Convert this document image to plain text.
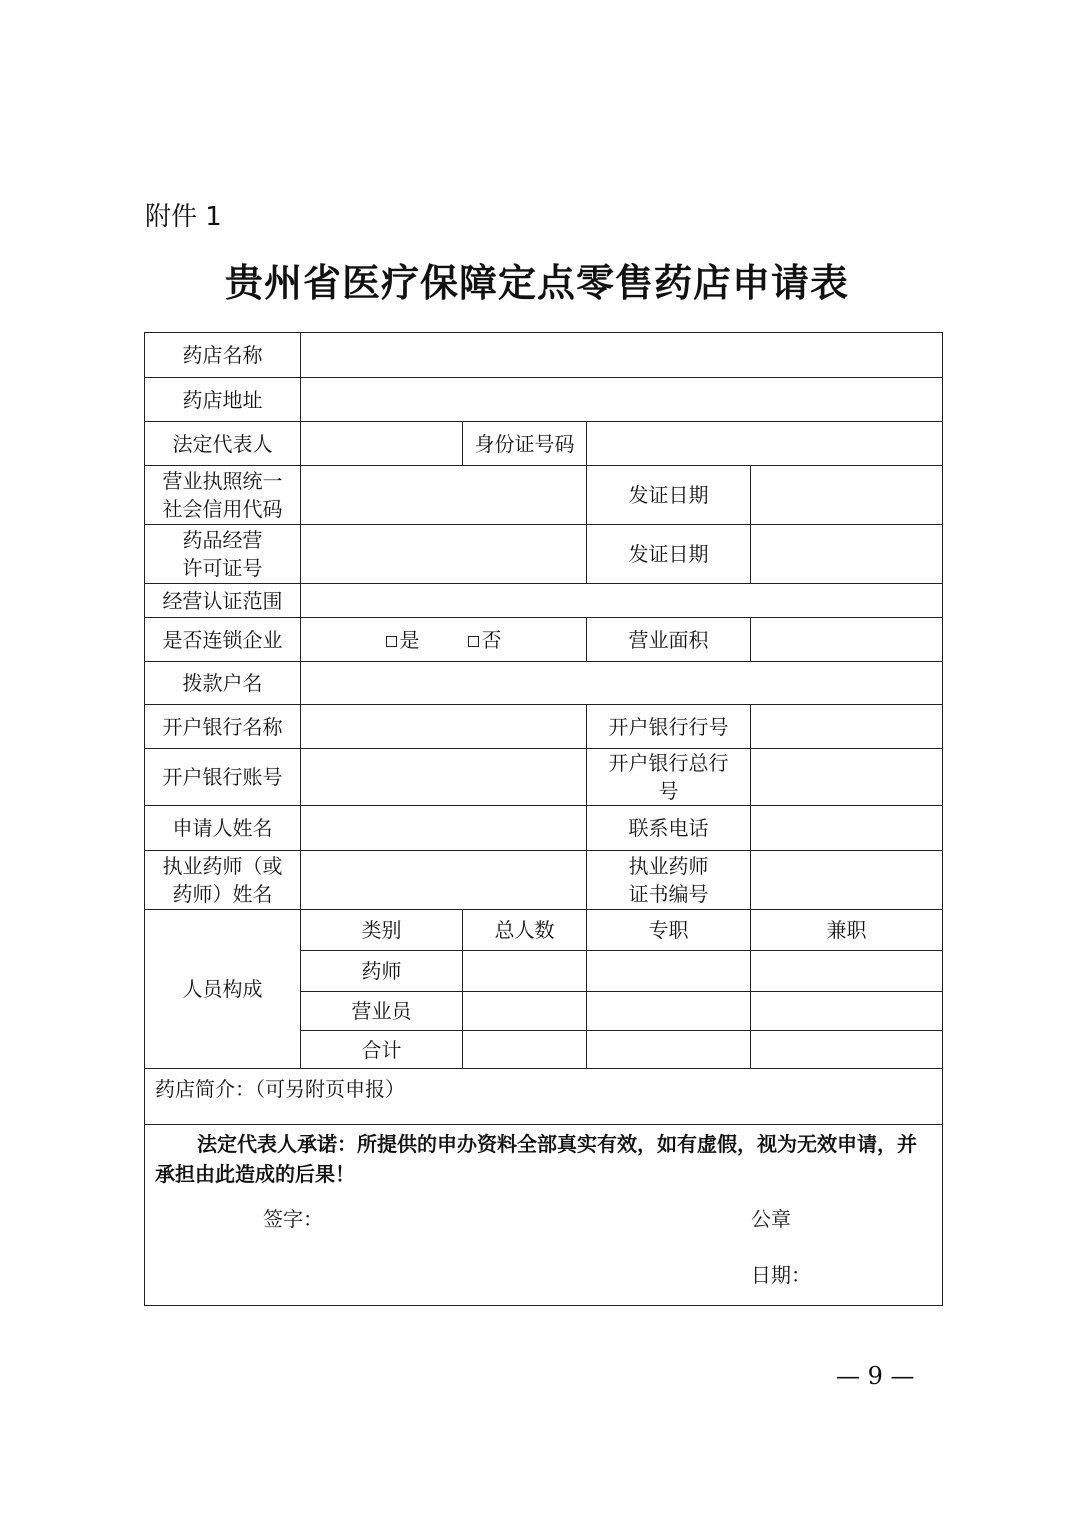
附件 1
贵州省医疗保障定点零售药店申请表
药店名称				
药店地址				
法定代表人		身份证号码		
营业执照统一
社会信用代码			发证日期	
药品经营
许可证号			发证日期	
经营认证范围				
是否连锁企业	是 否		营业面积	
拨款户名				
开户银行名称			开户银行行号	
开户银行账号			开户银行总行
号	
申请人姓名			联系电话	
执业药师（或
药师）姓名			执业药师
证书编号	
人员构成	类别	总人数	专职	兼职
	药师			
	营业员			
	合计			
药店简介：（可另附页申报）				

法定代表人承诺：所提供的申办资料全部真实有效，如有虚假，视为无效申请，并承担由此造成的后果！
签字： 公章
日期：				
— 9 —
